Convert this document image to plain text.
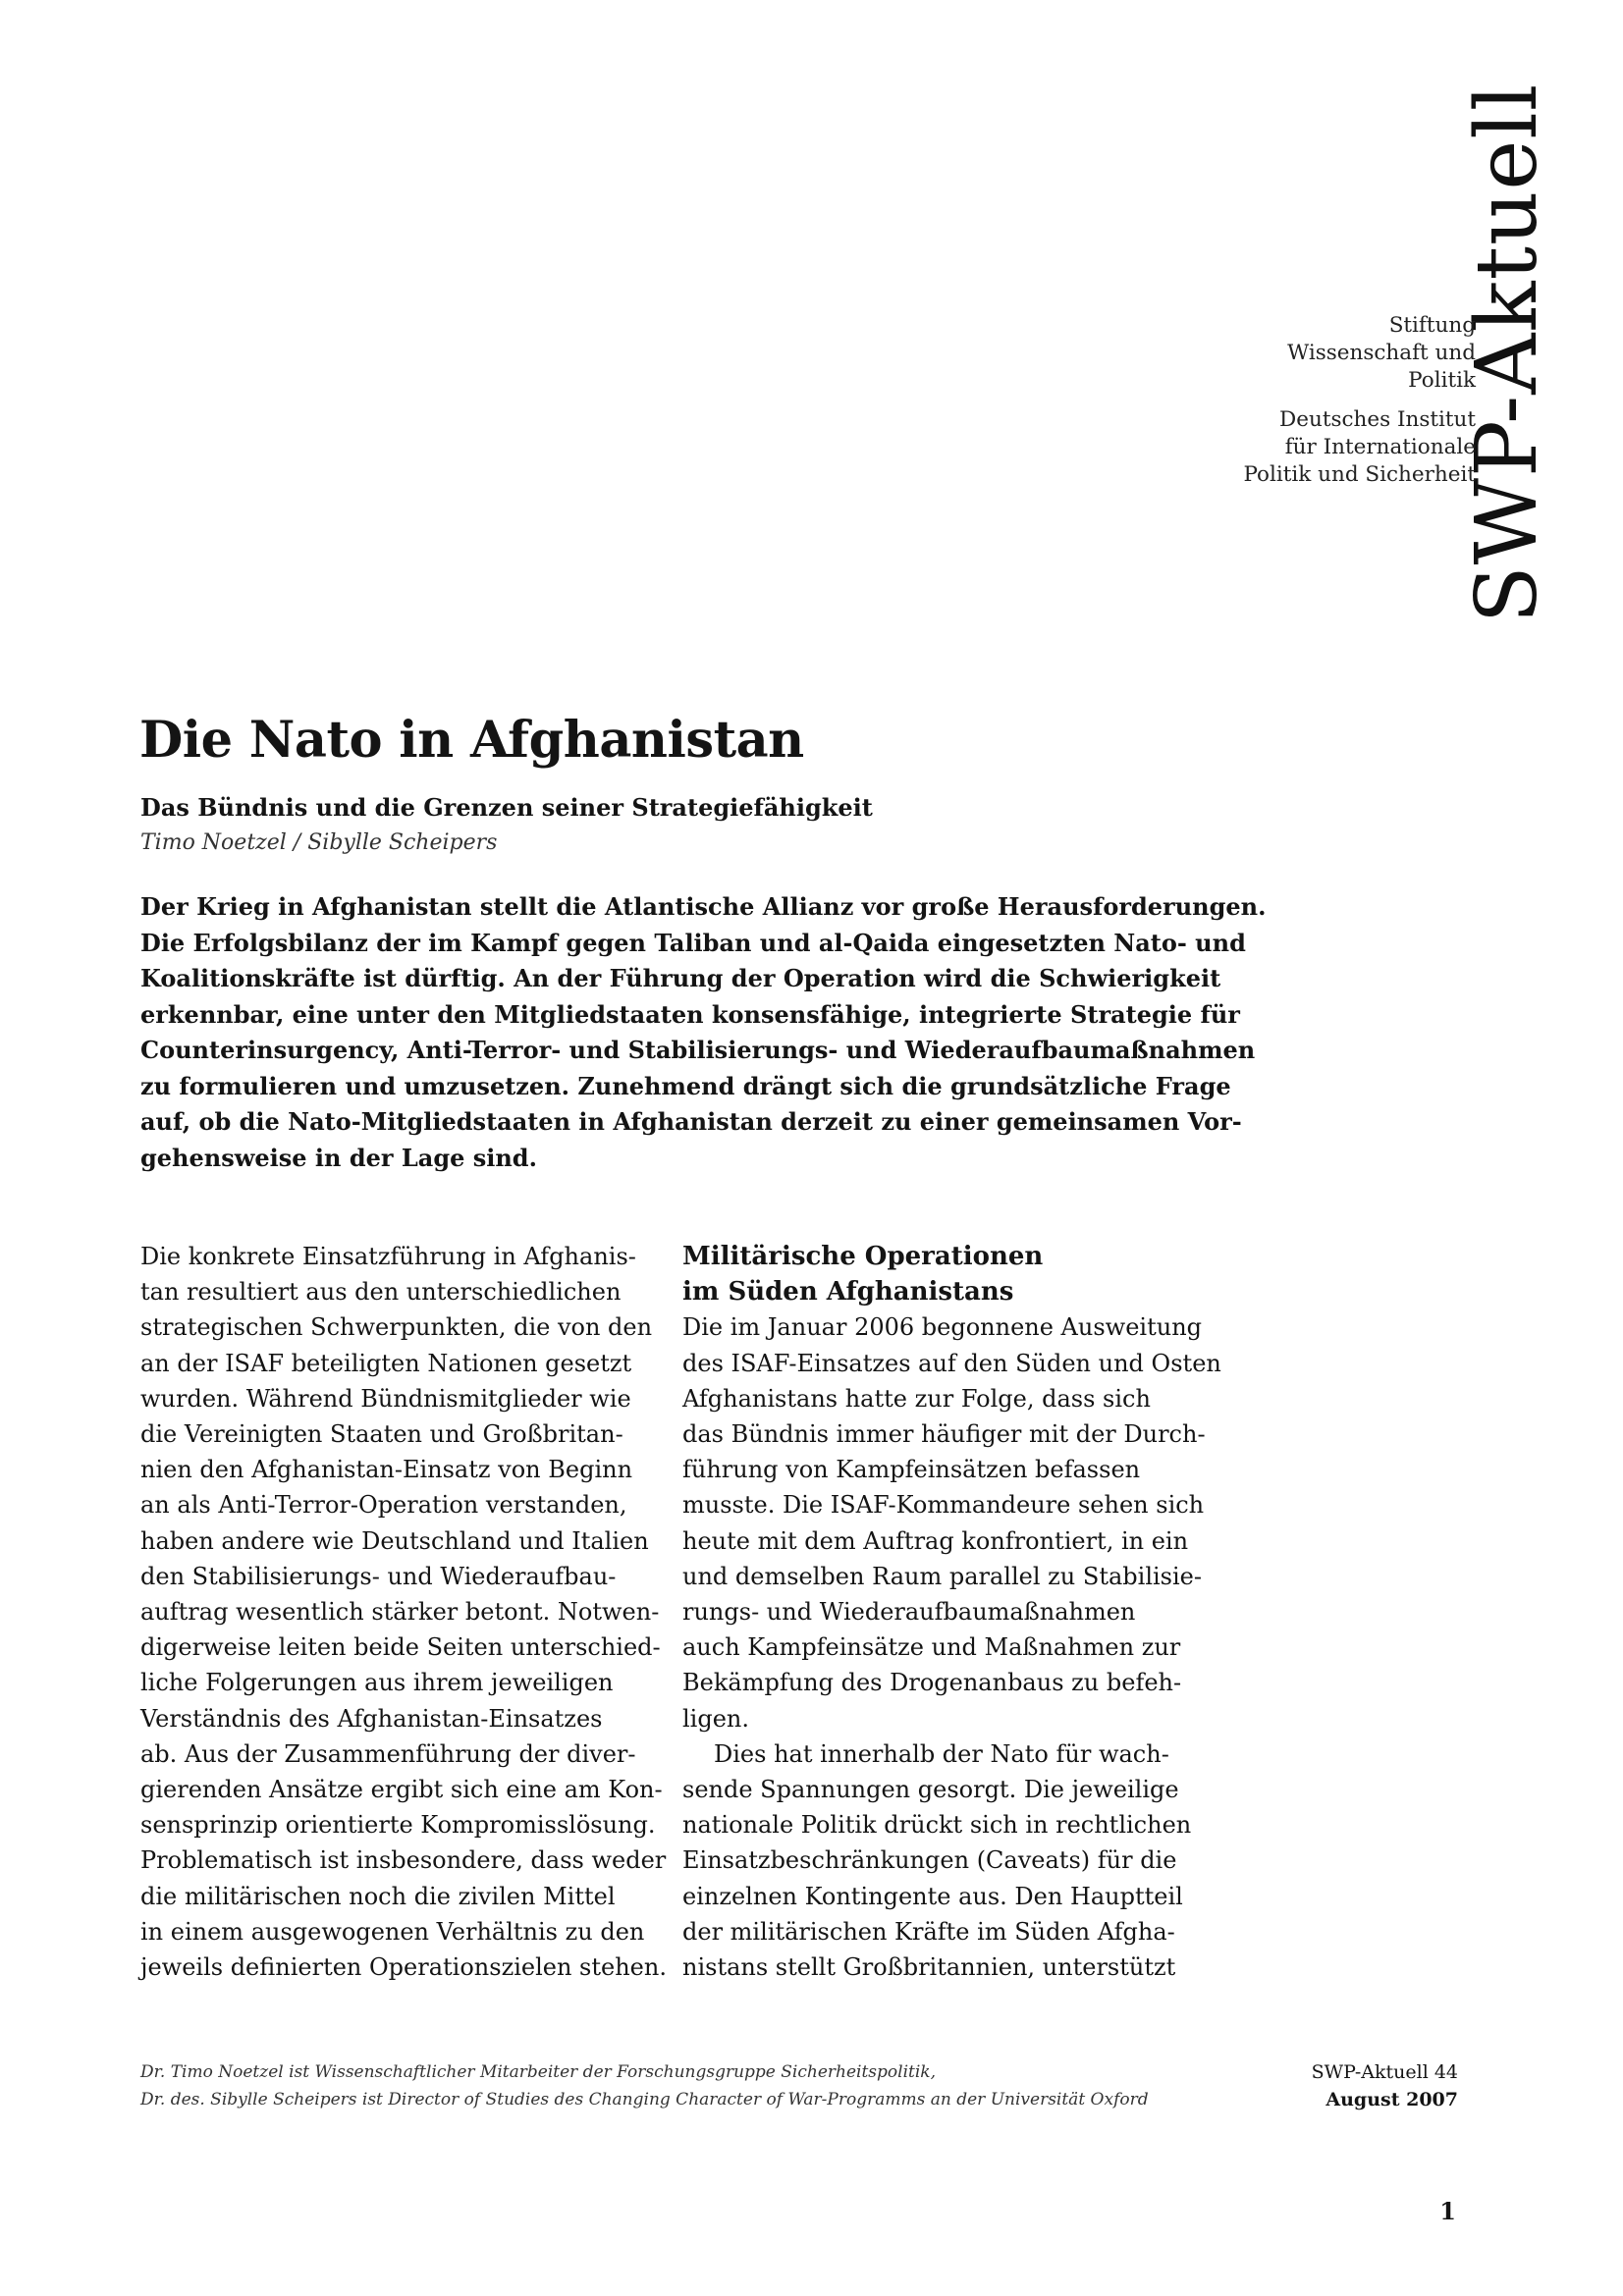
SWP-Aktuell
Stiftung
Wissenschaft und
Politik
Deutsches Institut
für Internationale
Politik und Sicherheit
Die Nato in Afghanistan
Das Bündnis und die Grenzen seiner Strategiefähigkeit
Timo Noetzel / Sibylle Scheipers
Der Krieg in Afghanistan stellt die Atlantische Allianz vor große Herausforderungen.
Die Erfolgsbilanz der im Kampf gegen Taliban und al-Qaida eingesetzten Nato- und
Koalitionskräfte ist dürftig. An der Führung der Operation wird die Schwierigkeit
erkennbar, eine unter den Mitgliedstaaten konsensfähige, integrierte Strategie für
Counterinsurgency, Anti-Terror- und Stabilisierungs- und Wiederaufbaumaßnahmen
zu formulieren und umzusetzen. Zunehmend drängt sich die grundsätzliche Frage
auf, ob die Nato-Mitgliedstaaten in Afghanistan derzeit zu einer gemeinsamen Vor-
gehensweise in der Lage sind.
Die konkrete Einsatzführung in Afghanis-
tan resultiert aus den unterschiedlichen
strategischen Schwerpunkten, die von den
an der ISAF beteiligten Nationen gesetzt
wurden. Während Bündnismitglieder wie
die Vereinigten Staaten und Großbritan-
nien den Afghanistan-Einsatz von Beginn
an als Anti-Terror-Operation verstanden,
haben andere wie Deutschland und Italien
den Stabilisierungs- und Wiederaufbau-
auftrag wesentlich stärker betont. Notwen-
digerweise leiten beide Seiten unterschied-
liche Folgerungen aus ihrem jeweiligen
Verständnis des Afghanistan-Einsatzes
ab. Aus der Zusammenführung der diver-
gierenden Ansätze ergibt sich eine am Kon-
sensprinzip orientierte Kompromisslösung.
Problematisch ist insbesondere, dass weder
die militärischen noch die zivilen Mittel
in einem ausgewogenen Verhältnis zu den
jeweils definierten Operationszielen stehen.
Militärische Operationen
im Süden Afghanistans
Die im Januar 2006 begonnene Ausweitung
des ISAF-Einsatzes auf den Süden und Osten
Afghanistans hatte zur Folge, dass sich
das Bündnis immer häufiger mit der Durch-
führung von Kampfeinsätzen befassen
musste. Die ISAF-Kommandeure sehen sich
heute mit dem Auftrag konfrontiert, in ein
und demselben Raum parallel zu Stabilisie-
rungs- und Wiederaufbaumaßnahmen
auch Kampfeinsätze und Maßnahmen zur
Bekämpfung des Drogenanbaus zu befeh-
ligen.
Dies hat innerhalb der Nato für wach-
sende Spannungen gesorgt. Die jeweilige
nationale Politik drückt sich in rechtlichen
Einsatzbeschränkungen (Caveats) für die
einzelnen Kontingente aus. Den Hauptteil
der militärischen Kräfte im Süden Afgha-
nistans stellt Großbritannien, unterstützt
Dr. Timo Noetzel ist Wissenschaftlicher Mitarbeiter der Forschungsgruppe Sicherheitspolitik,
Dr. des. Sibylle Scheipers ist Director of Studies des Changing Character of War-Programms an der Universität Oxford
SWP-Aktuell 44
August 2007
1
